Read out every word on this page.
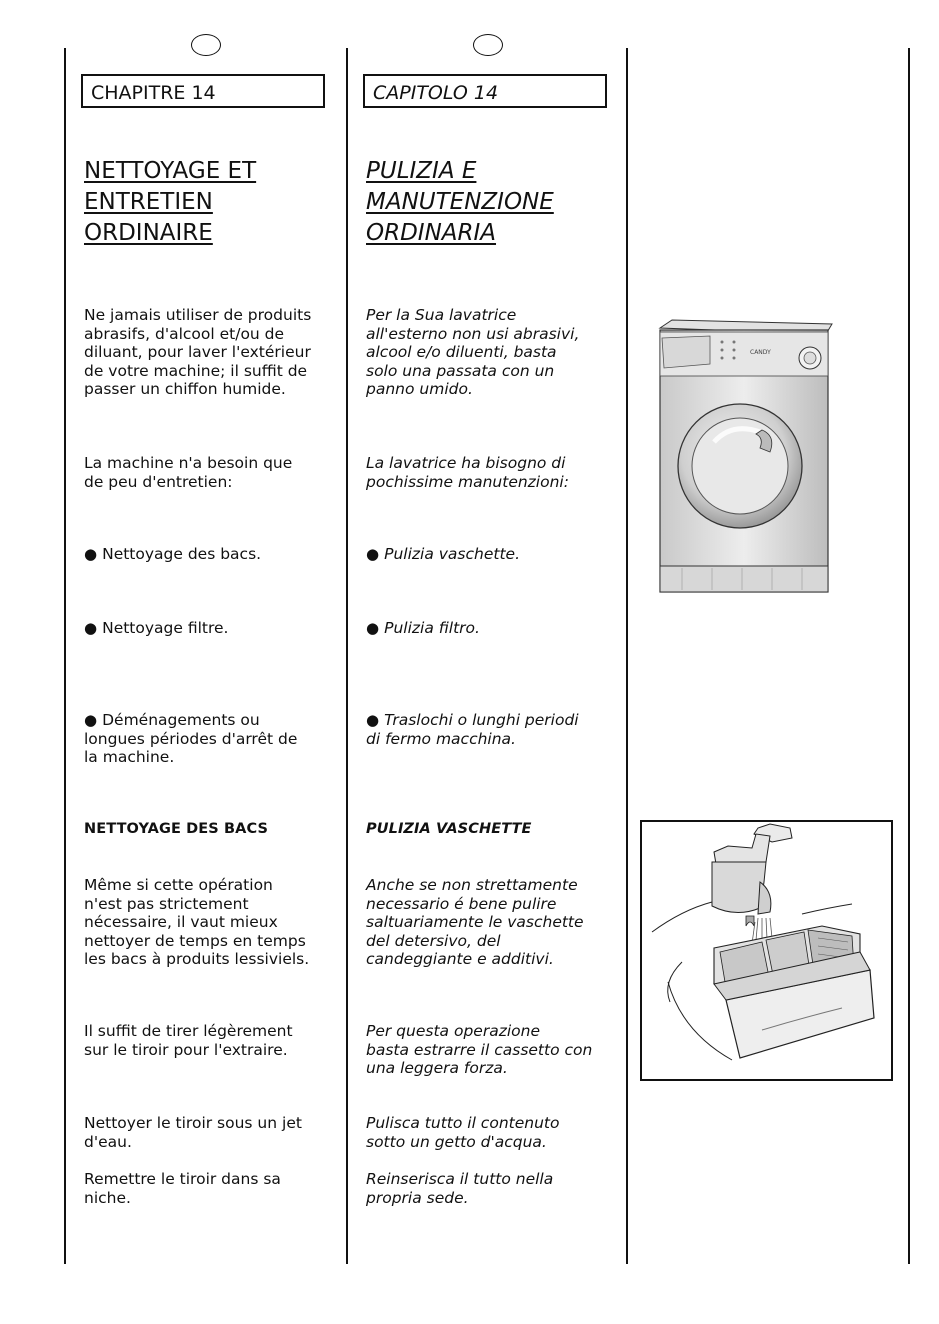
CHAPITRE 14
NETTOYAGE ET
ENTRETIEN
ORDINAIRE
Ne jamais utiliser de produits
abrasifs, d'alcool et/ou de
diluant, pour laver l'extérieur
de votre machine; il suffit de
passer un chiffon humide.
La machine n'a besoin que
de peu d'entretien:
● Nettoyage des bacs.
● Nettoyage filtre.
● Déménagements ou
longues périodes d'arrêt de
la machine.
NETTOYAGE DES BACS
Même si cette opération
n'est pas strictement
nécessaire, il vaut mieux
nettoyer de temps en temps
les bacs à produits lessiviels.
Il suffit de tirer légèrement
sur le tiroir pour l'extraire.
Nettoyer le tiroir sous un jet
d'eau.
Remettre le tiroir dans sa
niche.
CAPITOLO 14
PULIZIA E
MANUTENZIONE
ORDINARIA
Per la Sua lavatrice
all'esterno non usi abrasivi,
alcool e/o diluenti, basta
solo una passata con un
panno umido.
La lavatrice ha bisogno di
pochissime manutenzioni:
● Pulizia vaschette.
● Pulizia filtro.
● Traslochi o lunghi periodi
di fermo macchina.
PULIZIA VASCHETTE
Anche se non strettamente
necessario é bene pulire
saltuariamente le vaschette
del detersivo, del
candeggiante e additivi.
Per questa operazione
basta estrarre il cassetto con
una leggera forza.
Pulisca tutto il contenuto
sotto un getto d'acqua.
Reinserisca il tutto nella
propria sede.
CANDY
